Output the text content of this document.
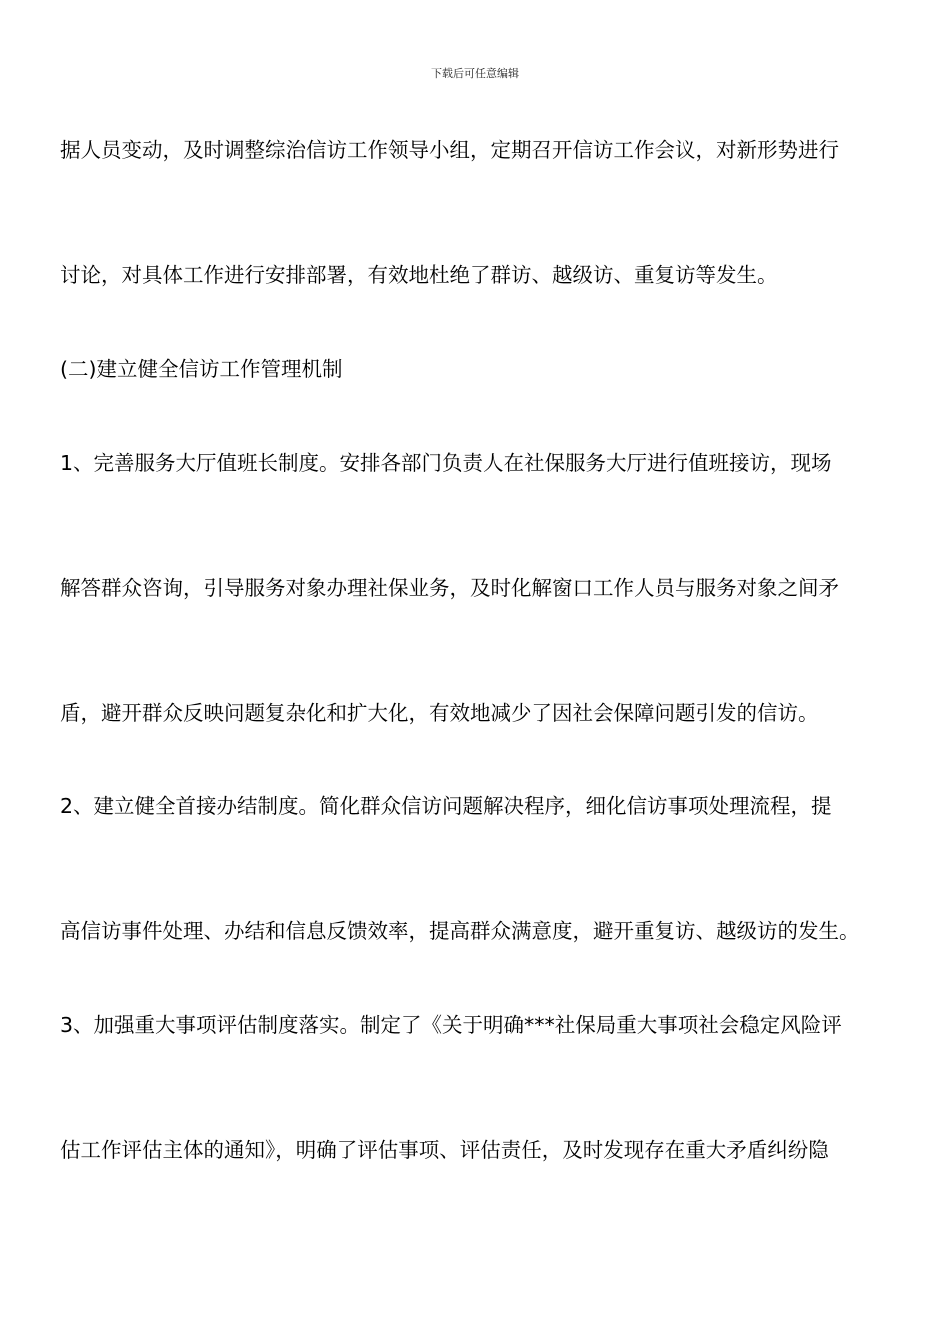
下载后可任意编辑
据人员变动，及时调整综治信访工作领导小组，定期召开信访工作会议，对新形势进行
讨论，对具体工作进行安排部署，有效地杜绝了群访、越级访、重复访等发生。
(二)建立健全信访工作管理机制
1、完善服务大厅值班长制度。安排各部门负责人在社保服务大厅进行值班接访，现场
解答群众咨询，引导服务对象办理社保业务，及时化解窗口工作人员与服务对象之间矛
盾，避开群众反映问题复杂化和扩大化，有效地减少了因社会保障问题引发的信访。
2、建立健全首接办结制度。简化群众信访问题解决程序，细化信访事项处理流程，提
高信访事件处理、办结和信息反馈效率，提高群众满意度，避开重复访、越级访的发生。
3、加强重大事项评估制度落实。制定了《关于明确***社保局重大事项社会稳定风险评
估工作评估主体的通知》，明确了评估事项、评估责任，及时发现存在重大矛盾纠纷隐
